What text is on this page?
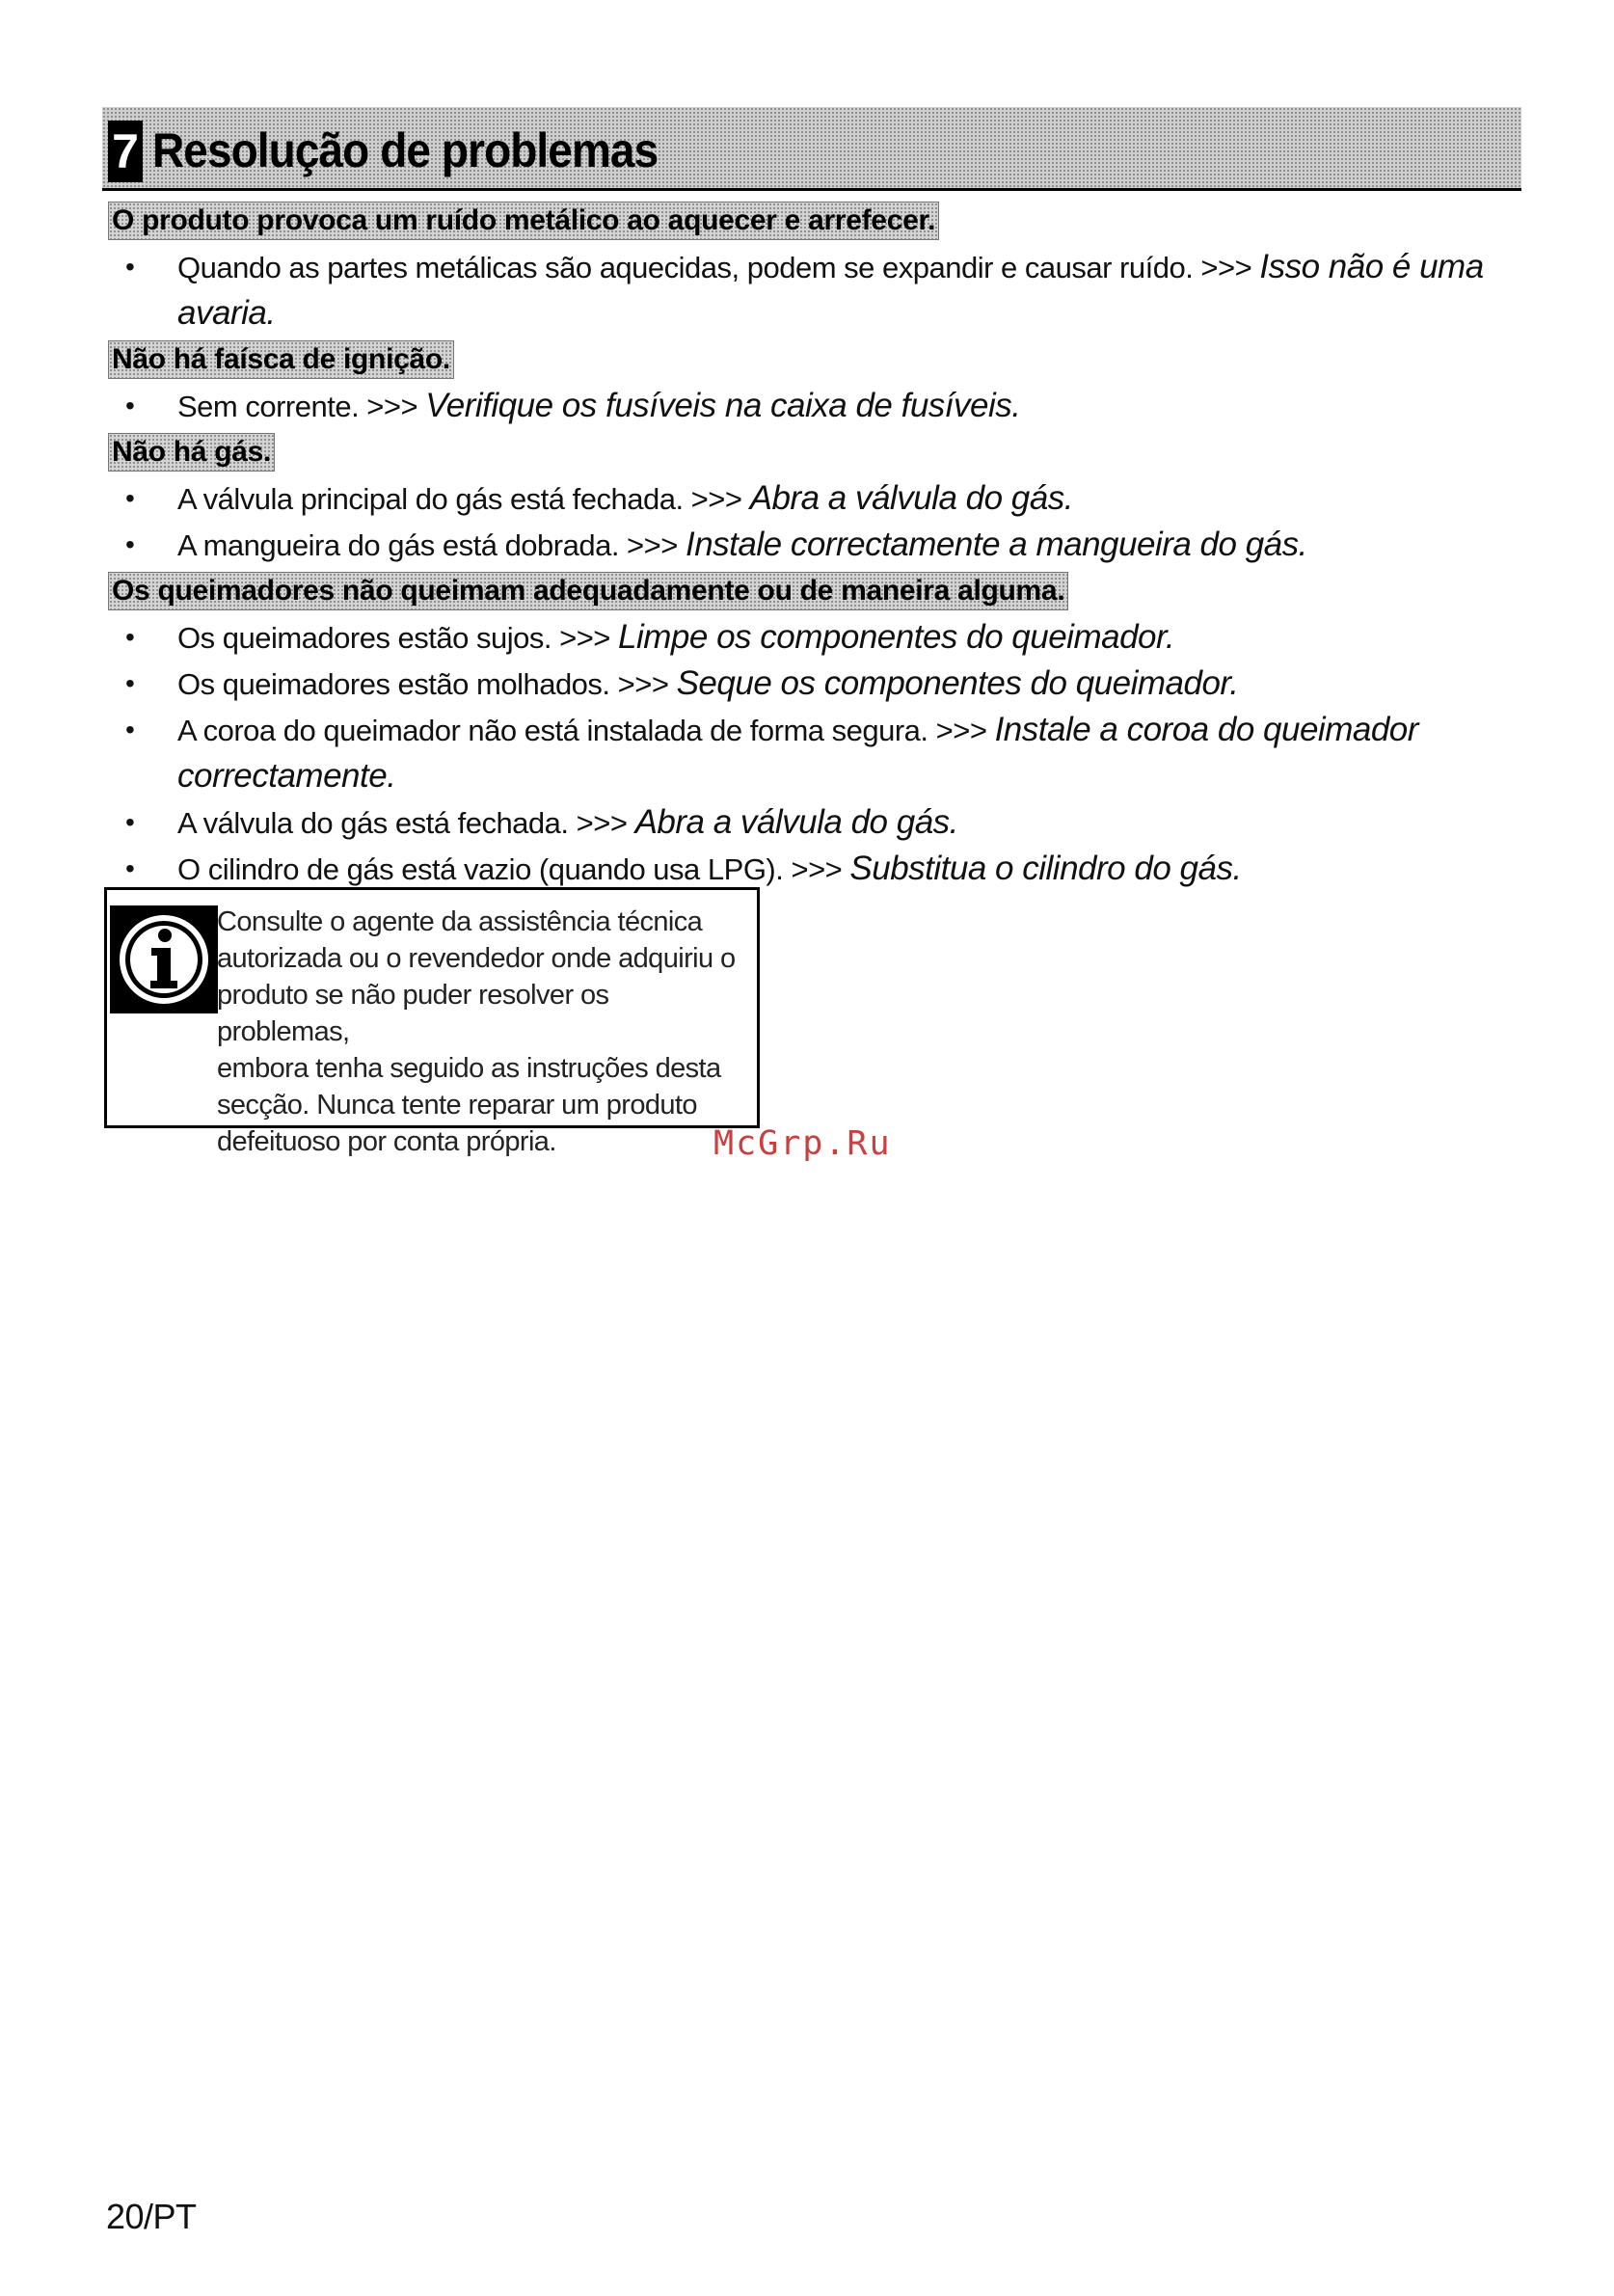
7 Resolução de problemas
O produto provoca um ruído metálico ao aquecer e arrefecer.
• Quando as partes metálicas são aquecidas, podem se expandir e causar ruído. >>> Isso não é uma avaria.
Não há faísca de ignição.
• Sem corrente. >>> Verifique os fusíveis na caixa de fusíveis.
Não há gás.
• A válvula principal do gás está fechada. >>> Abra a válvula do gás.
• A mangueira do gás está dobrada. >>> Instale correctamente a mangueira do gás.
Os queimadores não queimam adequadamente ou de maneira alguma.
• Os queimadores estão sujos. >>> Limpe os componentes do queimador.
• Os queimadores estão molhados. >>> Seque os componentes do queimador.
• A coroa do queimador não está instalada de forma segura. >>> Instale a coroa do queimador correctamente.
• A válvula do gás está fechada. >>> Abra a válvula do gás.
• O cilindro de gás está vazio (quando usa LPG). >>> Substitua o cilindro do gás.
Consulte o agente da assistência técnica
autorizada ou o revendedor onde adquiriu o
produto se não puder resolver os problemas,
embora tenha seguido as instruções desta
secção. Nunca tente reparar um produto
defeituoso por conta própria.	McGrp.Ru
20/PT
